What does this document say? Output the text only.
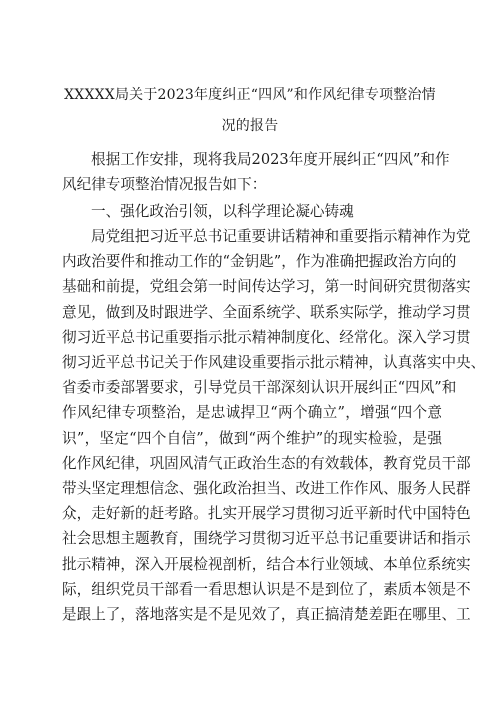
XXXXX局关于2023年度纠正“四风”和作风纪律专项整治情
况的报告
根据工作安排，现将我局2023年度开展纠正“四风”和作
风纪律专项整治情况报告如下：
一、强化政治引领，以科学理论凝心铸魂
局党组把习近平总书记重要讲话精神和重要指示精神作为党
内政治要件和推动工作的“金钥匙”，作为准确把握政治方向的
基础和前提，党组会第一时间传达学习，第一时间研究贯彻落实
意见，做到及时跟进学、全面系统学、联系实际学，推动学习贯
彻习近平总书记重要指示批示精神制度化、经常化。深入学习贯
彻习近平总书记关于作风建设重要指示批示精神，认真落实中央、
省委市委部署要求，引导党员干部深刻认识开展纠正“四风”和
作风纪律专项整治，是忠诚捍卫“两个确立”，增强“四个意
识”，坚定“四个自信”，做到“两个维护”的现实检验，是强
化作风纪律，巩固风清气正政治生态的有效载体，教育党员干部
带头坚定理想信念、强化政治担当、改进工作作风、服务人民群
众，走好新的赶考路。扎实开展学习贯彻习近平新时代中国特色
社会思想主题教育，围绕学习贯彻习近平总书记重要讲话和指示
批示精神，深入开展检视剖析，结合本行业领域、本单位系统实
际，组织党员干部看一看思想认识是不是到位了，素质本领是不
是跟上了，落地落实是不是见效了，真正搞清楚差距在哪里、工
